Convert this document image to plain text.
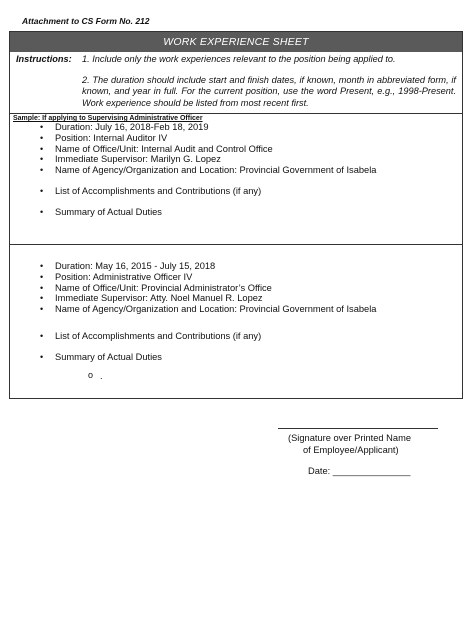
Attachment to CS Form No. 212
WORK EXPERIENCE SHEET
Instructions:	1. Include only the work experiences relevant to the position being applied to.
2. The duration should include start and finish dates, if known, month in abbreviated form, if known, and year in full. For the current position, use the word Present, e.g., 1998-Present. Work experience should be listed from most recent first.
Sample: If applying to Supervising Administrative Officer
• Duration: July 16, 2018-Feb 18, 2019
• Position: Internal Auditor IV
• Name of Office/Unit: Internal Audit and Control Office
• Immediate Supervisor: Marilyn G. Lopez
• Name of Agency/Organization and Location: Provincial Government of Isabela
• List of Accomplishments and Contributions (if any)
• Summary of Actual Duties
• Duration: May 16, 2015 - July 15, 2018
• Position: Administrative Officer IV
• Name of Office/Unit: Provincial Administrator’s Office
• Immediate Supervisor: Atty. Noel Manuel R. Lopez
• Name of Agency/Organization and Location: Provincial Government of Isabela
• List of Accomplishments and Contributions (if any)
• Summary of Actual Duties
o .
(Signature over Printed Name
of Employee/Applicant)
Date: _______________
